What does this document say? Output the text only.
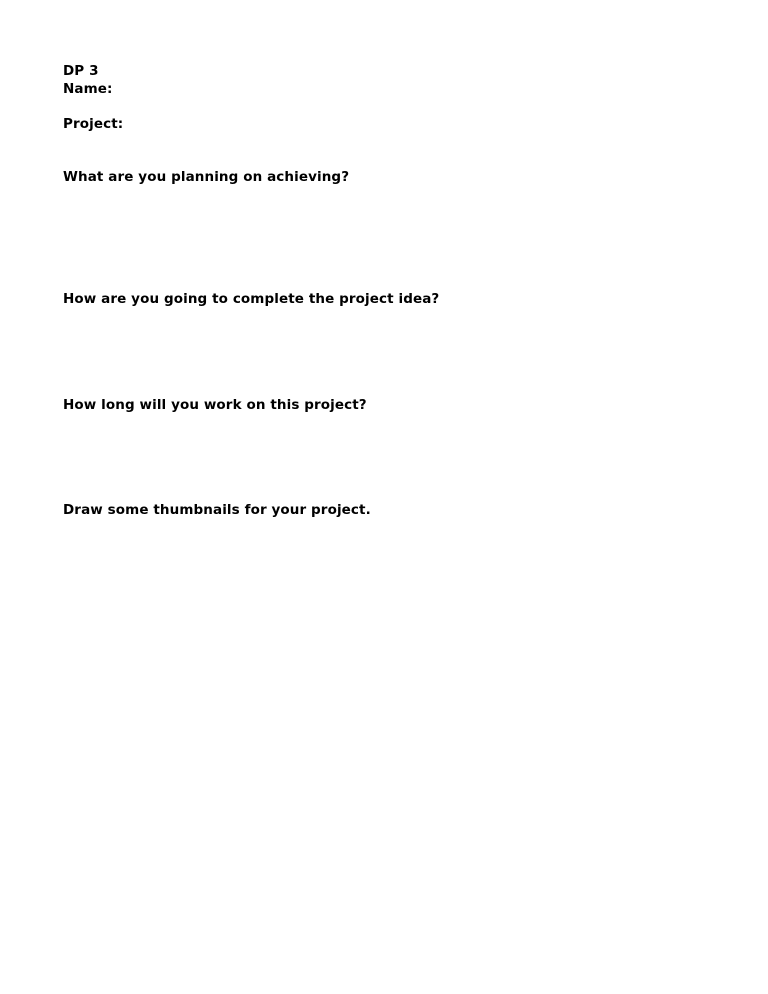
DP 3

Name:

Project:

What are you planning on achieving?

How are you going to complete the project idea?

How long will you work on this project?

Draw some thumbnails for your project.
